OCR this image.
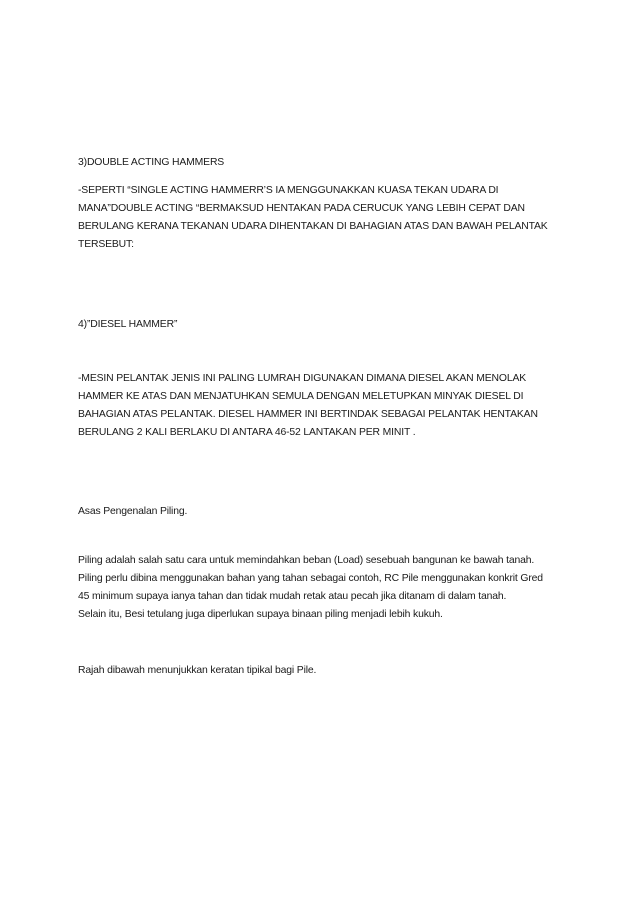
3)DOUBLE ACTING HAMMERS
-SEPERTI “SINGLE ACTING HAMMERR’S IA MENGGUNAKKAN KUASA TEKAN UDARA DI
MANA”DOUBLE ACTING “BERMAKSUD HENTAKAN PADA CERUCUK YANG LEBIH CEPAT DAN
BERULANG KERANA TEKANAN UDARA DIHENTAKAN DI BAHAGIAN ATAS DAN BAWAH PELANTAK
TERSEBUT:
4)”DIESEL HAMMER”
-MESIN PELANTAK JENIS INI PALING LUMRAH DIGUNAKAN DIMANA DIESEL AKAN MENOLAK
HAMMER KE ATAS DAN MENJATUHKAN SEMULA DENGAN MELETUPKAN MINYAK DIESEL DI
BAHAGIAN ATAS PELANTAK. DIESEL HAMMER INI BERTINDAK SEBAGAI PELANTAK HENTAKAN
BERULANG 2 KALI BERLAKU DI ANTARA 46-52 LANTAKAN PER MINIT .
Asas Pengenalan Piling.
Piling adalah salah satu cara untuk memindahkan beban (Load) sesebuah bangunan ke bawah tanah.
Piling perlu dibina menggunakan bahan yang tahan sebagai contoh, RC Pile menggunakan konkrit Gred
45 minimum supaya ianya tahan dan tidak mudah retak atau pecah jika ditanam di dalam tanah.
Selain itu, Besi tetulang juga diperlukan supaya binaan piling menjadi lebih kukuh.
Rajah dibawah menunjukkan keratan tipikal bagi Pile.
